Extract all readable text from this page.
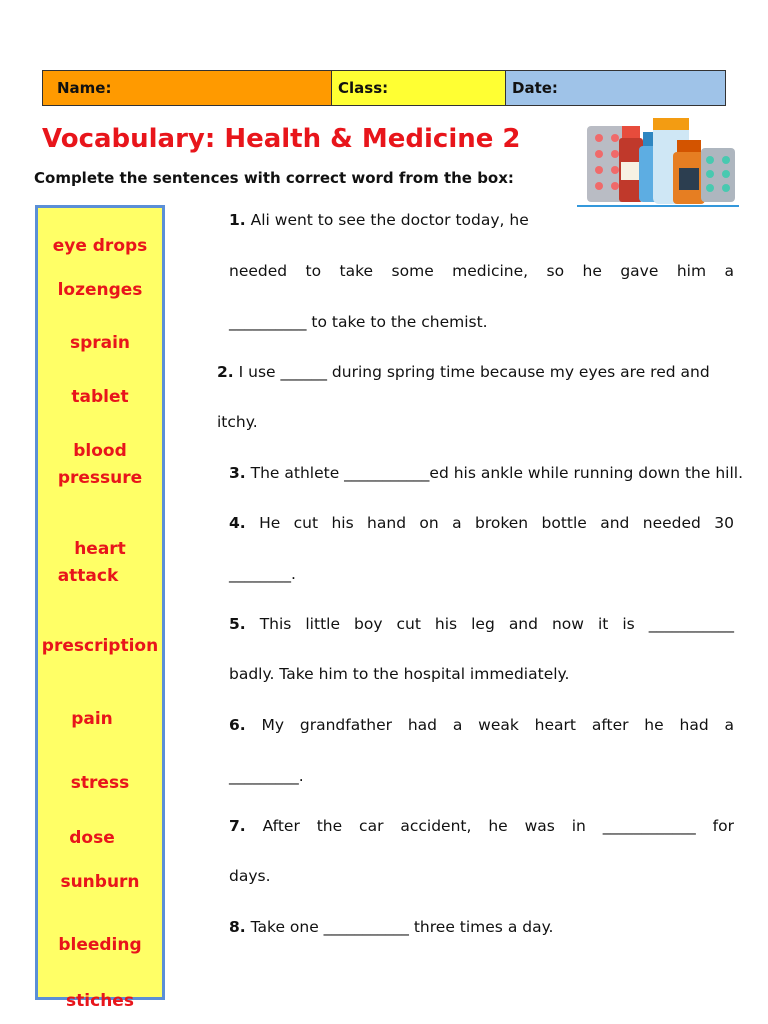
Name:	Class:	Date:
Vocabulary: Health & Medicine 2
Complete the sentences with correct word from the box:
eye drops
lozenges
sprain
tablet
blood
pressure
heart
attack
prescription
pain
stress
dose
sunburn
bleeding
stiches
1. Ali went to see the doctor today, he
needed to take some medicine, so he gave him a
__________ to take to the chemist.
2. I use ______ during spring time because my eyes are red and
itchy.
3. The athlete ___________ed his ankle while running down the hill.
4. He cut his hand on a broken bottle and needed 30
________.
5. This little boy cut his leg and now it is ___________
badly. Take him to the hospital immediately.
6. My grandfather had a weak heart after he had a
_________.
7. After the car accident, he was in ____________ for
days.
8. Take one ___________ three times a day.
